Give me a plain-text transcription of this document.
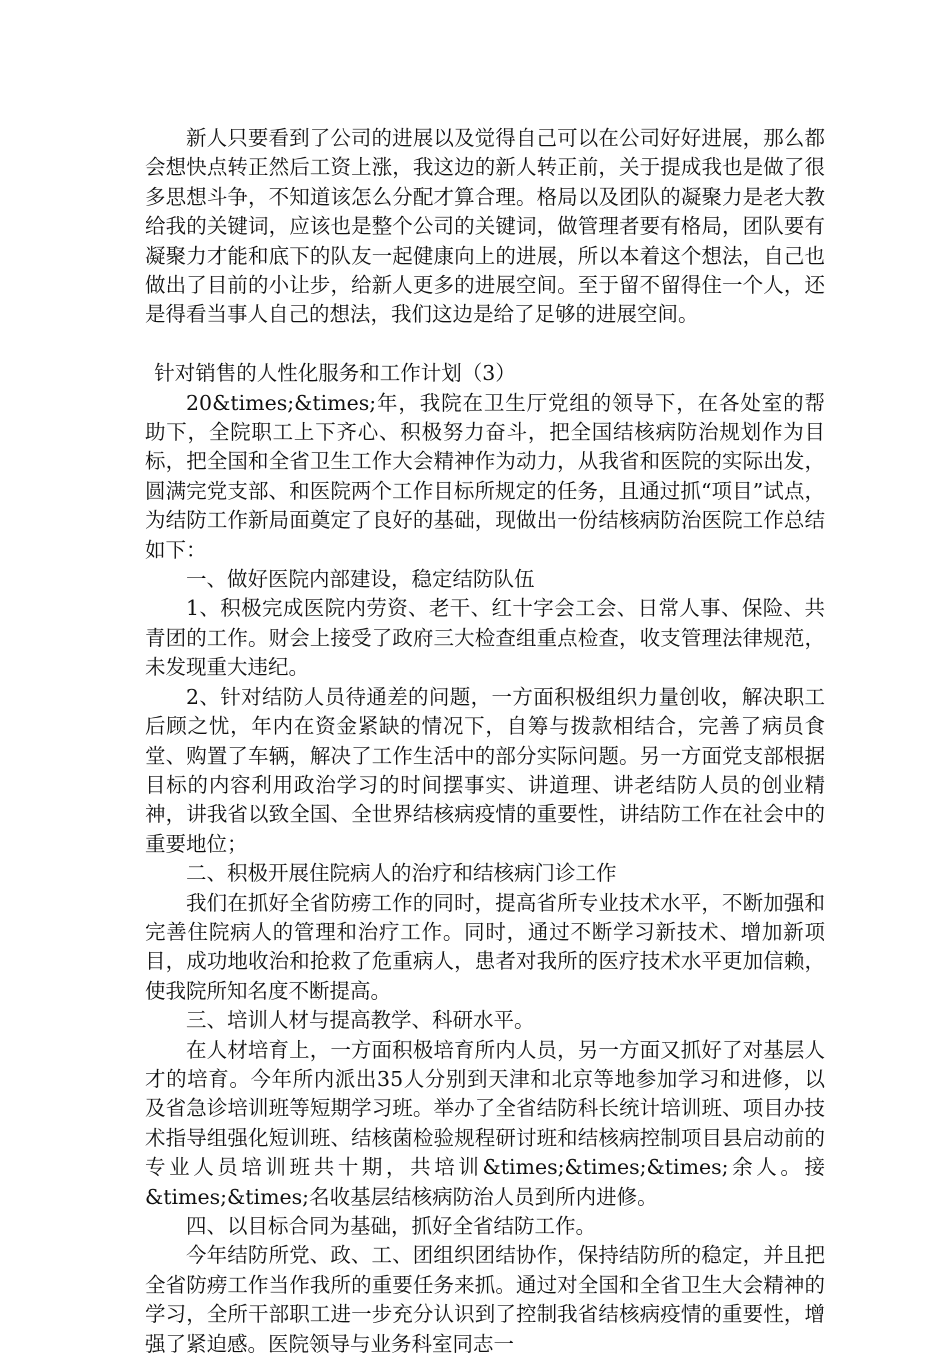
新人只要看到了公司的进展以及觉得自己可以在公司好好进展，那么都会想快点转正然后工资上涨，我这边的新人转正前，关于提成我也是做了很多思想斗争，不知道该怎么分配才算合理。格局以及团队的凝聚力是老大教给我的关键词，应该也是整个公司的关键词，做管理者要有格局，团队要有凝聚力才能和底下的队友一起健康向上的进展，所以本着这个想法，自己也做出了目前的小让步，给新人更多的进展空间。至于留不留得住一个人，还是得看当事人自己的想法，我们这边是给了足够的进展空间。

针对销售的人性化服务和工作计划（3）

20&times;&times;年，我院在卫生厅党组的领导下，在各处室的帮助下，全院职工上下齐心、积极努力奋斗，把全国结核病防治规划作为目标，把全国和全省卫生工作大会精神作为动力，从我省和医院的实际出发，圆满完党支部、和医院两个工作目标所规定的任务，且通过抓“项目”试点，为结防工作新局面奠定了良好的基础，现做出一份结核病防治医院工作总结如下：

一、做好医院内部建设，稳定结防队伍

1、积极完成医院内劳资、老干、红十字会工会、日常人事、保险、共青团的工作。财会上接受了政府三大检查组重点检查，收支管理法律规范，未发现重大违纪。

2、针对结防人员待通差的问题，一方面积极组织力量创收，解决职工后顾之忧，年内在资金紧缺的情况下，自筹与拨款相结合，完善了病员食堂、购置了车辆，解决了工作生活中的部分实际问题。另一方面党支部根据目标的内容利用政治学习的时间摆事实、讲道理、讲老结防人员的创业精神，讲我省以致全国、全世界结核病疫情的重要性，讲结防工作在社会中的重要地位；

二、积极开展住院病人的治疗和结核病门诊工作

我们在抓好全省防痨工作的同时，提高省所专业技术水平，不断加强和完善住院病人的管理和治疗工作。同时，通过不断学习新技术、增加新项目，成功地收治和抢救了危重病人，患者对我所的医疗技术水平更加信赖，使我院所知名度不断提高。

三、培训人材与提高教学、科研水平。

在人材培育上，一方面积极培育所内人员，另一方面又抓好了对基层人才的培育。今年所内派出35人分别到天津和北京等地参加学习和进修，以及省急诊培训班等短期学习班。举办了全省结防科长统计培训班、项目办技术指导组强化短训班、结核菌检验规程研讨班和结核病控制项目县启动前的专业人员培训班共十期，共培训&times;&times;&times;余人。接&times;&times;名收基层结核病防治人员到所内进修。

四、以目标合同为基础，抓好全省结防工作。

今年结防所党、政、工、团组织团结协作，保持结防所的稳定，并且把全省防痨工作当作我所的重要任务来抓。通过对全国和全省卫生大会精神的学习，全所干部职工进一步充分认识到了控制我省结核病疫情的重要性，增强了紧迫感。医院领导与业务科室同志一
